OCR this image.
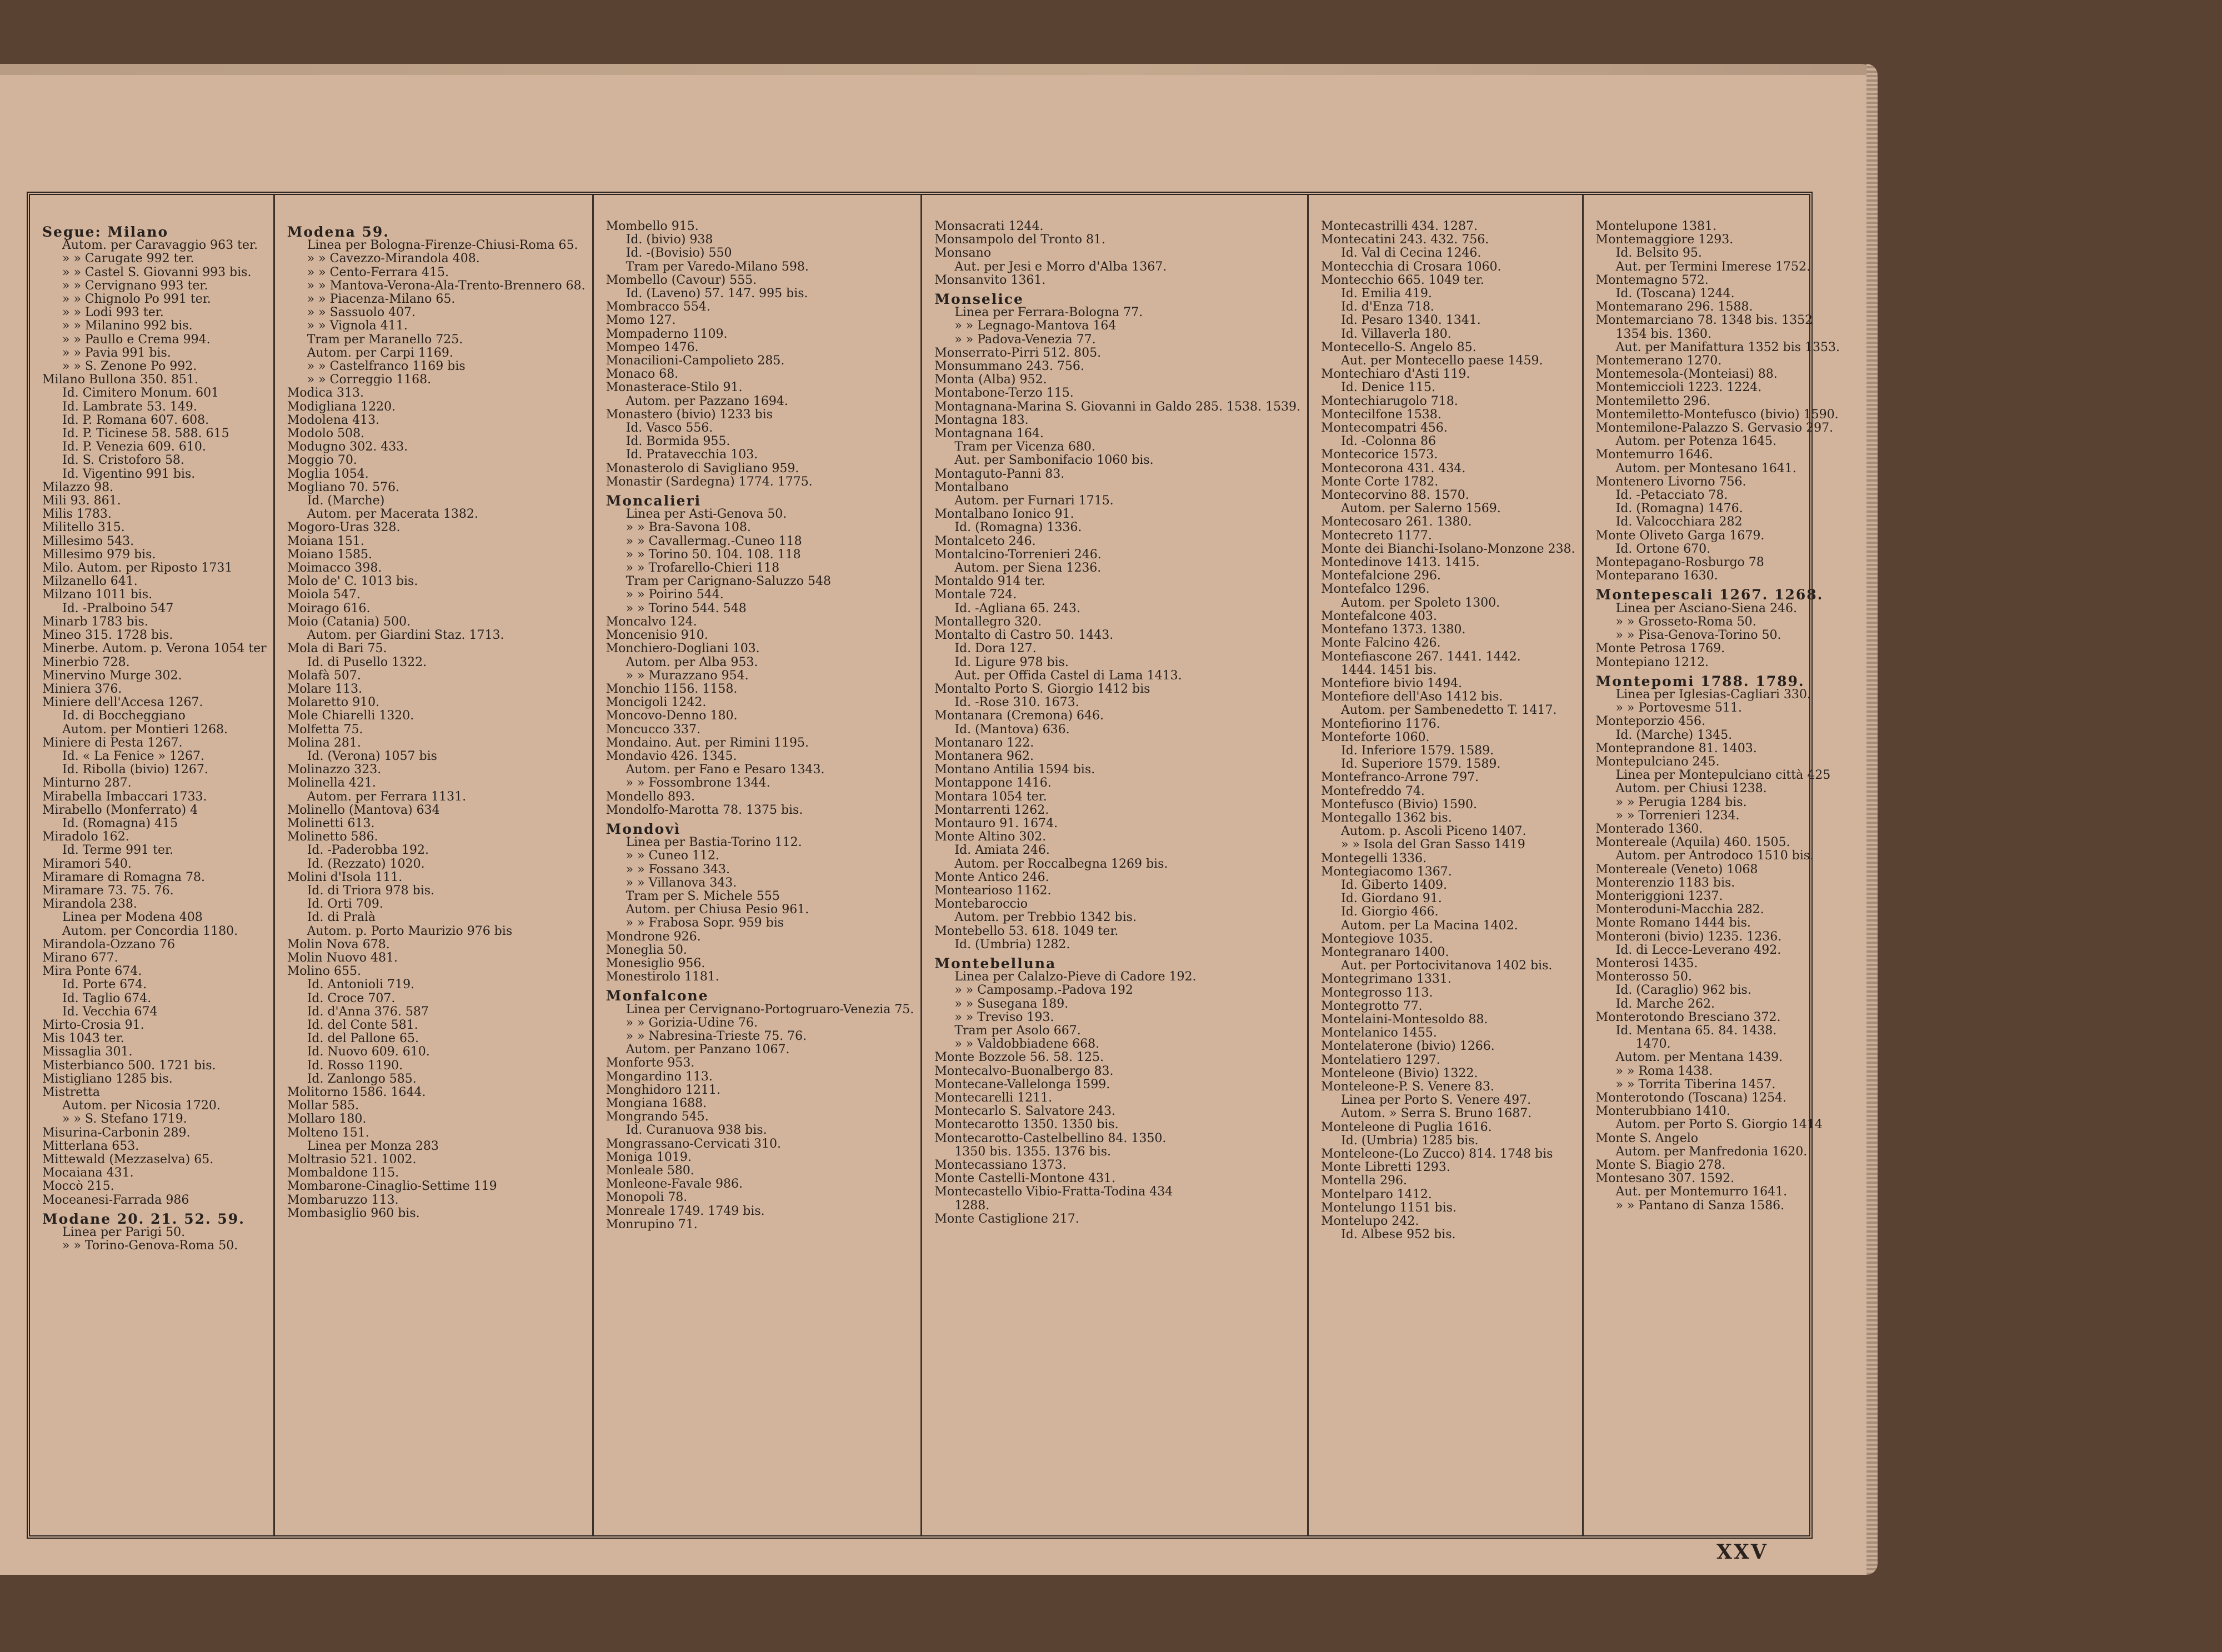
Segue: Milano
Autom. per Caravaggio 963 ter.
» » Carugate 992 ter.
» » Castel S. Giovanni 993 bis.
» » Cervignano 993 ter.
» » Chignolo Po 991 ter.
» » Lodi 993 ter.
» » Milanino 992 bis.
» » Paullo e Crema 994.
» » Pavia 991 bis.
» » S. Zenone Po 992.
Milano Bullona 350. 851.
Id. Cimitero Monum. 601
Id. Lambrate 53. 149.
Id. P. Romana 607. 608.
Id. P. Ticinese 58. 588. 615
Id. P. Venezia 609. 610.
Id. S. Cristoforo 58.
Id. Vigentino 991 bis.
Milazzo 98.
Mili 93. 861.
Milis 1783.
Militello 315.
Millesimo 543.
Millesimo 979 bis.
Milo. Autom. per Riposto 1731
Milzanello 641.
Milzano 1011 bis.
Id. -Pralboino 547
Minarb 1783 bis.
Mineo 315. 1728 bis.
Minerbe. Autom. p. Verona 1054 ter
Minerbio 728.
Minervino Murge 302.
Miniera 376.
Miniere dell'Accesa 1267.
Id. di Boccheggiano
Autom. per Montieri 1268.
Miniere di Pesta 1267.
Id. « La Fenice » 1267.
Id. Ribolla (bivio) 1267.
Minturno 287.
Mirabella Imbaccari 1733.
Mirabello (Monferrato) 4
Id. (Romagna) 415
Miradolo 162.
Id. Terme 991 ter.
Miramori 540.
Miramare di Romagna 78.
Miramare 73. 75. 76.
Mirandola 238.
Linea per Modena 408
Autom. per Concordia 1180.
Mirandola-Ozzano 76
Mirano 677.
Mira Ponte 674.
Id. Porte 674.
Id. Taglio 674.
Id. Vecchia 674
Mirto-Crosia 91.
Mis 1043 ter.
Missaglia 301.
Misterbianco 500. 1721 bis.
Mistigliano 1285 bis.
Mistretta
Autom. per Nicosia 1720.
» » S. Stefano 1719.
Misurina-Carbonin 289.
Mitterlana 653.
Mittewald (Mezzaselva) 65.
Mocaiana 431.
Moccò 215.
Moceanesi-Farrada 986
Modane 20. 21. 52. 59.
Linea per Parigi 50.
» » Torino-Genova-Roma 50.
Modena 59.
Linea per Bologna-Firenze-Chiusi-Roma 65.
» » Cavezzo-Mirandola 408.
» » Cento-Ferrara 415.
» » Mantova-Verona-Ala-Trento-Brennero 68.
» » Piacenza-Milano 65.
» » Sassuolo 407.
» » Vignola 411.
Tram per Maranello 725.
Autom. per Carpi 1169.
» » Castelfranco 1169 bis
» » Correggio 1168.
Modica 313.
Modigliana 1220.
Modolena 413.
Modolo 508.
Modugno 302. 433.
Moggio 70.
Moglia 1054.
Mogliano 70. 576.
Id. (Marche)
Autom. per Macerata 1382.
Mogoro-Uras 328.
Moiana 151.
Moiano 1585.
Moimacco 398.
Molo de' C. 1013 bis.
Moiola 547.
Moirago 616.
Moio (Catania) 500.
Autom. per Giardini Staz. 1713.
Mola di Bari 75.
Id. di Pusello 1322.
Molafà 507.
Molare 113.
Molaretto 910.
Mole Chiarelli 1320.
Molfetta 75.
Molina 281.
Id. (Verona) 1057 bis
Molinazzo 323.
Molinella 421.
Autom. per Ferrara 1131.
Molinello (Mantova) 634
Molinetti 613.
Molinetto 586.
Id. -Paderobba 192.
Id. (Rezzato) 1020.
Molini d'Isola 111.
Id. di Triora 978 bis.
Id. Orti 709.
Id. di Pralà
Autom. p. Porto Maurizio 976 bis
Molin Nova 678.
Molin Nuovo 481.
Molino 655.
Id. Antonioli 719.
Id. Croce 707.
Id. d'Anna 376. 587
Id. del Conte 581.
Id. del Pallone 65.
Id. Nuovo 609. 610.
Id. Rosso 1190.
Id. Zanlongo 585.
Molitorno 1586. 1644.
Mollar 585.
Mollaro 180.
Molteno 151.
Linea per Monza 283
Moltrasio 521. 1002.
Mombaldone 115.
Mombarone-Cinaglio-Settime 119
Mombaruzzo 113.
Mombasiglio 960 bis.
Mombello 915.
Id. (bivio) 938
Id. -(Bovisio) 550
Tram per Varedo-Milano 598.
Mombello (Cavour) 555.
Id. (Laveno) 57. 147. 995 bis.
Mombracco 554.
Momo 127.
Mompaderno 1109.
Mompeo 1476.
Monacilioni-Campolieto 285.
Monaco 68.
Monasterace-Stilo 91.
Autom. per Pazzano 1694.
Monastero (bivio) 1233 bis
Id. Vasco 556.
Id. Bormida 955.
Id. Pratavecchia 103.
Monasterolo di Savigliano 959.
Monastir (Sardegna) 1774. 1775.
Moncalieri
Linea per Asti-Genova 50.
» » Bra-Savona 108.
» » Cavallermag.-Cuneo 118
» » Torino 50. 104. 108. 118
» » Trofarello-Chieri 118
Tram per Carignano-Saluzzo 548
» » Poirino 544.
» » Torino 544. 548
Moncalvo 124.
Moncenisio 910.
Monchiero-Dogliani 103.
Autom. per Alba 953.
» » Murazzano 954.
Monchio 1156. 1158.
Moncigoli 1242.
Moncovo-Denno 180.
Moncucco 337.
Mondaino. Aut. per Rimini 1195.
Mondavio 426. 1345.
Autom. per Fano e Pesaro 1343.
» » Fossombrone 1344.
Mondello 893.
Mondolfo-Marotta 78. 1375 bis.
Mondovì
Linea per Bastia-Torino 112.
» » Cuneo 112.
» » Fossano 343.
» » Villanova 343.
Tram per S. Michele 555
Autom. per Chiusa Pesio 961.
» » Frabosa Sopr. 959 bis
Mondrone 926.
Moneglia 50.
Monesiglio 956.
Monestirolo 1181.
Monfalcone
Linea per Cervignano-Portogruaro-Venezia 75.
» » Gorizia-Udine 76.
» » Nabresina-Trieste 75. 76.
Autom. per Panzano 1067.
Monforte 953.
Mongardino 113.
Monghidoro 1211.
Mongiana 1688.
Mongrando 545.
Id. Curanuova 938 bis.
Mongrassano-Cervicati 310.
Moniga 1019.
Monleale 580.
Monleone-Favale 986.
Monopoli 78.
Monreale 1749. 1749 bis.
Monrupino 71.
Monsacrati 1244.
Monsampolo del Tronto 81.
Monsano
Aut. per Jesi e Morro d'Alba 1367.
Monsanvito 1361.
Monselice
Linea per Ferrara-Bologna 77.
» » Legnago-Mantova 164
» » Padova-Venezia 77.
Monserrato-Pirri 512. 805.
Monsummano 243. 756.
Monta (Alba) 952.
Montabone-Terzo 115.
Montagnana-Marina S. Giovanni in Galdo 285. 1538. 1539.
Montagna 183.
Montagnana 164.
Tram per Vicenza 680.
Aut. per Sambonifacio 1060 bis.
Montaguto-Panni 83.
Montalbano
Autom. per Furnari 1715.
Montalbano Ionico 91.
Id. (Romagna) 1336.
Montalceto 246.
Montalcino-Torrenieri 246.
Autom. per Siena 1236.
Montaldo 914 ter.
Montale 724.
Id. -Agliana 65. 243.
Montallegro 320.
Montalto di Castro 50. 1443.
Id. Dora 127.
Id. Ligure 978 bis.
Aut. per Offida Castel di Lama 1413.
Montalto Porto S. Giorgio 1412 bis
Id. -Rose 310. 1673.
Montanara (Cremona) 646.
Id. (Mantova) 636.
Montanaro 122.
Montanera 962.
Montano Antilia 1594 bis.
Montappone 1416.
Montara 1054 ter.
Montarrenti 1262.
Montauro 91. 1674.
Monte Altino 302.
Id. Amiata 246.
Autom. per Roccalbegna 1269 bis.
Monte Antico 246.
Montearioso 1162.
Montebaroccio
Autom. per Trebbio 1342 bis.
Montebello 53. 618. 1049 ter.
Id. (Umbria) 1282.
Montebelluna
Linea per Calalzo-Pieve di Cadore 192.
» » Camposamp.-Padova 192
» » Susegana 189.
» » Treviso 193.
Tram per Asolo 667.
» » Valdobbiadene 668.
Monte Bozzole 56. 58. 125.
Montecalvo-Buonalbergo 83.
Montecane-Vallelonga 1599.
Montecarelli 1211.
Montecarlo S. Salvatore 243.
Montecarotto 1350. 1350 bis.
Montecarotto-Castelbellino 84. 1350.
1350 bis. 1355. 1376 bis.
Montecassiano 1373.
Monte Castelli-Montone 431.
Montecastello Vibio-Fratta-Todina 434
1288.
Monte Castiglione 217.
Montecastrilli 434. 1287.
Montecatini 243. 432. 756.
Id. Val di Cecina 1246.
Montecchia di Crosara 1060.
Montecchio 665. 1049 ter.
Id. Emilia 419.
Id. d'Enza 718.
Id. Pesaro 1340. 1341.
Id. Villaverla 180.
Montecello-S. Angelo 85.
Aut. per Montecello paese 1459.
Montechiaro d'Asti 119.
Id. Denice 115.
Montechiarugolo 718.
Montecilfone 1538.
Montecompatri 456.
Id. -Colonna 86
Montecorice 1573.
Montecorona 431. 434.
Monte Corte 1782.
Montecorvino 88. 1570.
Autom. per Salerno 1569.
Montecosaro 261. 1380.
Montecreto 1177.
Monte dei Bianchi-Isolano-Monzone 238.
Montedinove 1413. 1415.
Montefalcione 296.
Montefalco 1296.
Autom. per Spoleto 1300.
Montefalcone 403.
Montefano 1373. 1380.
Monte Falcino 426.
Montefiascone 267. 1441. 1442.
1444. 1451 bis.
Montefiore bivio 1494.
Montefiore dell'Aso 1412 bis.
Autom. per Sambenedetto T. 1417.
Montefiorino 1176.
Monteforte 1060.
Id. Inferiore 1579. 1589.
Id. Superiore 1579. 1589.
Montefranco-Arrone 797.
Montefreddo 74.
Montefusco (Bivio) 1590.
Montegallo 1362 bis.
Autom. p. Ascoli Piceno 1407.
» » Isola del Gran Sasso 1419
Montegelli 1336.
Montegiacomo 1367.
Id. Giberto 1409.
Id. Giordano 91.
Id. Giorgio 466.
Autom. per La Macina 1402.
Montegiove 1035.
Montegranaro 1400.
Aut. per Portocivitanova 1402 bis.
Montegrimano 1331.
Montegrosso 113.
Montegrotto 77.
Montelaini-Montesoldo 88.
Montelanico 1455.
Montelaterone (bivio) 1266.
Montelatiero 1297.
Monteleone (Bivio) 1322.
Monteleone-P. S. Venere 83.
Linea per Porto S. Venere 497.
Autom. » Serra S. Bruno 1687.
Monteleone di Puglia 1616.
Id. (Umbria) 1285 bis.
Monteleone-(Lo Zucco) 814. 1748 bis
Monte Libretti 1293.
Montella 296.
Montelparo 1412.
Montelungo 1151 bis.
Montelupo 242.
Id. Albese 952 bis.
Montelupone 1381.
Montemaggiore 1293.
Id. Belsito 95.
Aut. per Termini Imerese 1752.
Montemagno 572.
Id. (Toscana) 1244.
Montemarano 296. 1588.
Montemarciano 78. 1348 bis. 1352
1354 bis. 1360.
Aut. per Manifattura 1352 bis 1353.
Montemerano 1270.
Montemesola-(Monteiasi) 88.
Montemiccioli 1223. 1224.
Montemiletto 296.
Montemiletto-Montefusco (bivio) 1590.
Montemilone-Palazzo S. Gervasio 297.
Autom. per Potenza 1645.
Montemurro 1646.
Autom. per Montesano 1641.
Montenero Livorno 756.
Id. -Petacciato 78.
Id. (Romagna) 1476.
Id. Valcocchiara 282
Monte Oliveto Garga 1679.
Id. Ortone 670.
Montepagano-Rosburgo 78
Monteparano 1630.
Montepescali 1267. 1268.
Linea per Asciano-Siena 246.
» » Grosseto-Roma 50.
» » Pisa-Genova-Torino 50.
Monte Petrosa 1769.
Montepiano 1212.
Montepomi 1788. 1789.
Linea per Iglesias-Cagliari 330.
» » Portovesme 511.
Monteporzio 456.
Id. (Marche) 1345.
Monteprandone 81. 1403.
Montepulciano 245.
Linea per Montepulciano città 425
Autom. per Chiusi 1238.
» » Perugia 1284 bis.
» » Torrenieri 1234.
Monterado 1360.
Montereale (Aquila) 460. 1505.
Autom. per Antrodoco 1510 bis.
Montereale (Veneto) 1068
Monterenzio 1183 bis.
Monteriggioni 1237.
Monteroduni-Macchia 282.
Monte Romano 1444 bis.
Monteroni (bivio) 1235. 1236.
Id. di Lecce-Leverano 492.
Monterosi 1435.
Monterosso 50.
Id. (Caraglio) 962 bis.
Id. Marche 262.
Monterotondo Bresciano 372.
Id. Mentana 65. 84. 1438.
1470.
Autom. per Mentana 1439.
» » Roma 1438.
» » Torrita Tiberina 1457.
Monterotondo (Toscana) 1254.
Monterubbiano 1410.
Autom. per Porto S. Giorgio 1414
Monte S. Angelo
Autom. per Manfredonia 1620.
Monte S. Biagio 278.
Montesano 307. 1592.
Aut. per Montemurro 1641.
» » Pantano di Sanza 1586.
XXV
